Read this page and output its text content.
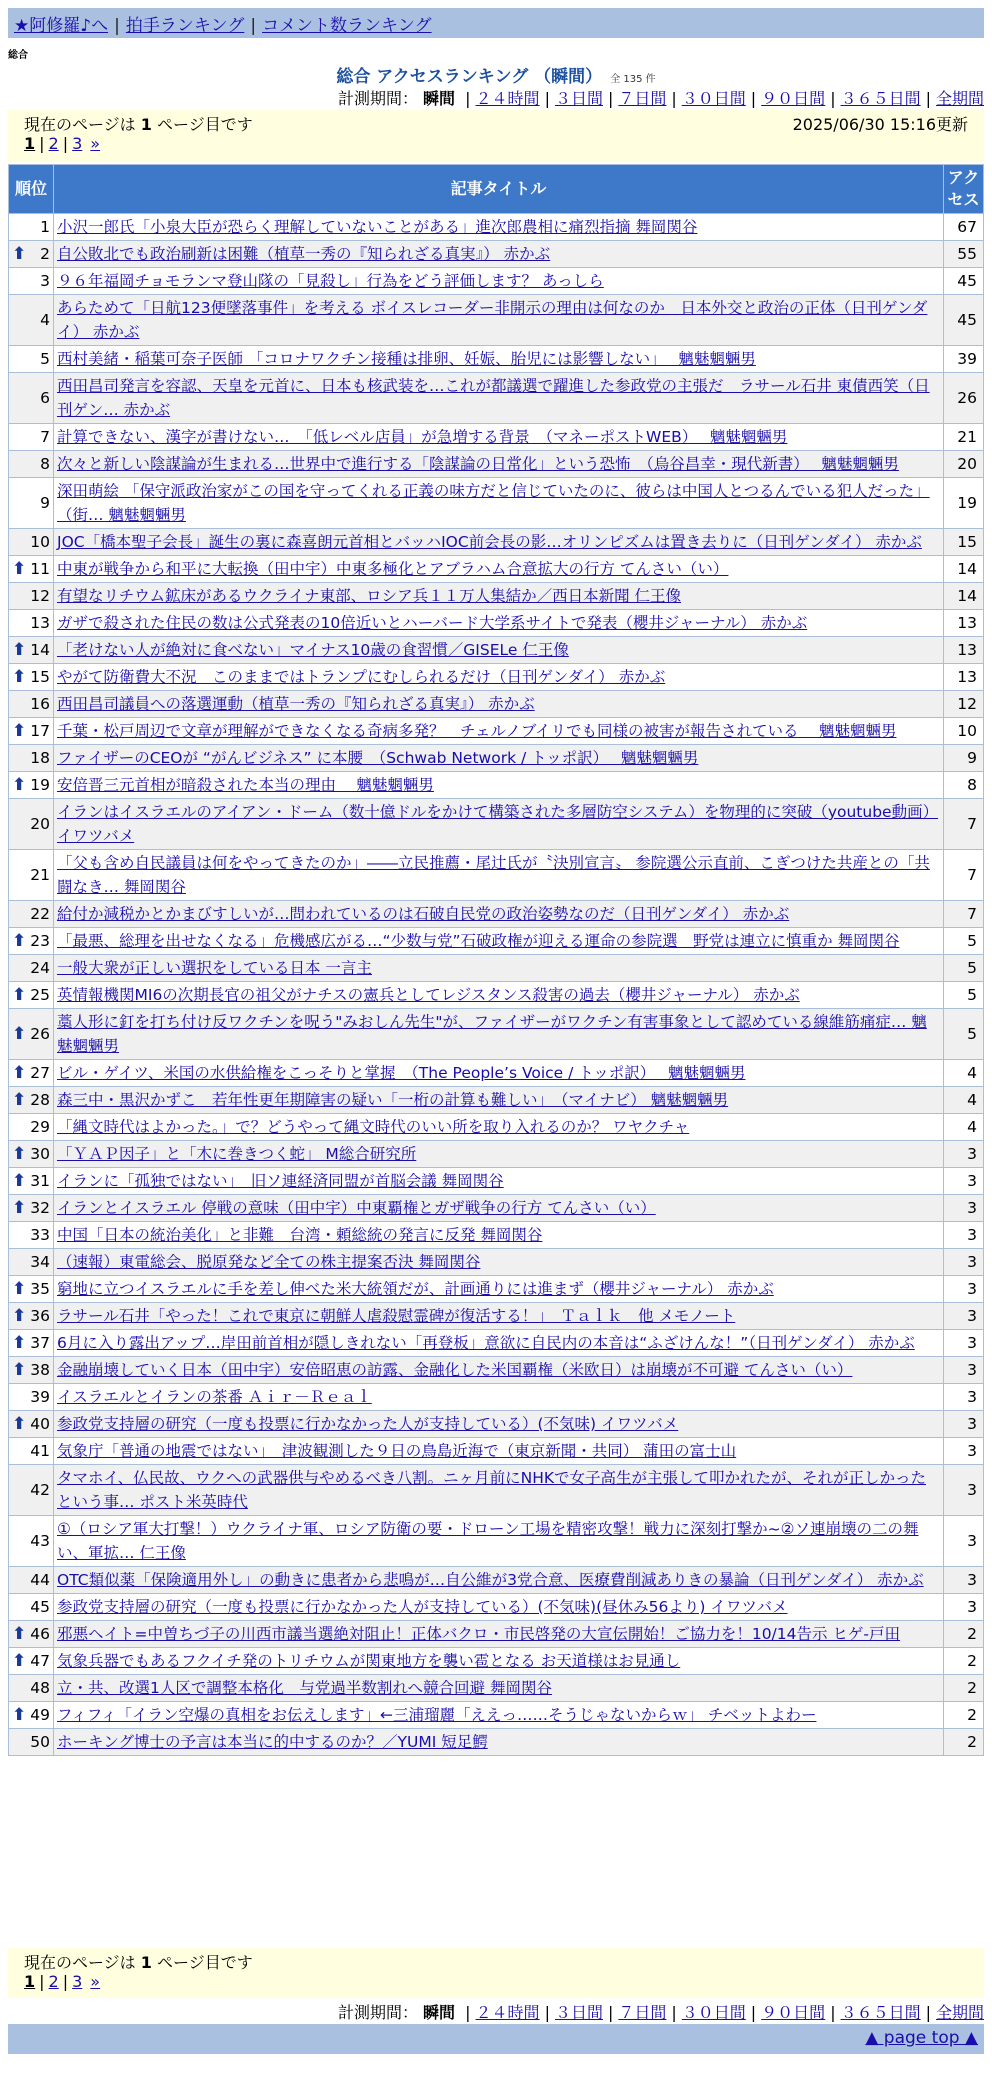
★阿修羅♪へ | 拍手ランキング | コメント数ランキング
総合
総合 アクセスランキング （瞬間） 全 135 件
計測期間： 瞬間 | ２４時間 | ３日間 | ７日間 | ３０日間 | ９０日間 | ３６５日間 | 全期間
現在のページは 1 ページ目です	2025/06/30 15:16更新
1 | 2 | 3 »
順位	記事タイトル	アクセス
1	小沢一郎氏「小泉大臣が恐らく理解していないことがある」進次郎農相に痛烈指摘 舞岡関谷	67

⬆ 2	自公敗北でも政治刷新は困難（植草一秀の『知られざる真実』） 赤かぶ	55
3	９６年福岡チョモランマ登山隊の「見殺し」行為をどう評価します？ あっしら	45
4	あらためて「日航123便墜落事件」を考える ボイスレコーダー非開示の理由は何なのか　日本外交と政治の正体（日刊ゲンダイ） 赤かぶ	45
5	西村美緒・稲葉可奈子医師 「コロナワクチン接種は排卵、妊娠、胎児には影響しない」　 魑魅魍魎男	39
6	西田昌司発言を容認、天皇を元首に、日本も核武装を…これが都議選で躍進した参政党の主張だ　ラサール石井 東債西笑（日刊ゲン… 赤かぶ	26
7	計算できない、漢字が書けない…　「低レベル店員」が急増する背景　（マネーポストWEB）　 魑魅魍魎男	21
8	次々と新しい陰謀論が生まれる…世界中で進行する「陰謀論の日常化」という恐怖　（烏谷昌幸・現代新書）　 魑魅魍魎男	20
9	深田萌絵 「保守派政治家がこの国を守ってくれる正義の味方だと信じていたのに、彼らは中国人とつるんでいる犯人だった」（街… 魑魅魍魎男	19
10	JOC「橋本聖子会長」誕生の裏に森喜朗元首相とバッハIOC前会長の影…オリンピズムは置き去りに（日刊ゲンダイ） 赤かぶ	15

⬆ 11	中東が戦争から和平に大転換（田中宇）中東多極化とアブラハム合意拡大の行方 てんさい（い）	14
12	有望なリチウム鉱床があるウクライナ東部、ロシア兵１１万人集結か／西日本新聞 仁王像	14
13	ガザで殺された住民の数は公式発表の10倍近いとハーバード大学系サイトで発表（櫻井ジャーナル） 赤かぶ	13

⬆ 14	「老けない人が絶対に食べない」マイナス10歳の食習慣／GISELe 仁王像	13

⬆ 15	やがて防衛費大不況　このままではトランプにむしられるだけ（日刊ゲンダイ） 赤かぶ	13
16	西田昌司議員への落選運動（植草一秀の『知られざる真実』） 赤かぶ	12

⬆ 17	千葉・松戸周辺で文章が理解ができなくなる奇病多発？　チェルノブイリでも同様の被害が報告されている　 魑魅魍魎男	10
18	ファイザーのCEOが “がんビジネス” に本腰　（Schwab Network / トッポ訳）　 魑魅魍魎男	9

⬆ 19	安倍晋三元首相が暗殺された本当の理由　 魑魅魍魎男	8
20	イランはイスラエルのアイアン・ドーム（数十億ドルをかけて構築された多層防空システム）を物理的に突破（youtube動画） イワツバメ	7
21	「父も含め自民議員は何をやってきたのか」――立民推薦・尾辻氏が〝決別宣言〟 参院選公示直前、こぎつけた共産との「共闘なき… 舞岡関谷	7
22	給付か減税かとかまびすしいが…問われているのは石破自民党の政治姿勢なのだ（日刊ゲンダイ） 赤かぶ	7

⬆ 23	「最悪、総理を出せなくなる」危機感広がる…“少数与党”石破政権が迎える運命の参院選　野党は連立に慎重か 舞岡関谷	5
24	一般大衆が正しい選択をしている日本 一言主	5

⬆ 25	英情報機関MI6の次期長官の祖父がナチスの憲兵としてレジスタンス殺害の過去（櫻井ジャーナル） 赤かぶ	5

⬆ 26	藁人形に釘を打ち付け反ワクチンを呪う"みおしん先生"が、ファイザーがワクチン有害事象として認めている線維筋痛症… 魑魅魍魎男	5

⬆ 27	ビル・ゲイツ、米国の水供給権をこっそりと掌握　（The People’s Voice / トッポ訳）　 魑魅魍魎男	4

⬆ 28	森三中・黒沢かずこ　若年性更年期障害の疑い「一桁の計算も難しい」　（マイナビ） 魑魅魍魎男	4
29	「縄文時代はよかった。」で？どうやって縄文時代のいい所を取り入れるのか？ ワヤクチャ	4

⬆ 30	「ＹＡＰ因子」と「木に巻きつく蛇」 M総合研究所	3

⬆ 31	イランに「孤独ではない」　旧ソ連経済同盟が首脳会議 舞岡関谷	3

⬆ 32	イランとイスラエル 停戦の意味（田中宇）中東覇権とガザ戦争の行方 てんさい（い）	3
33	中国「日本の統治美化」と非難　台湾・頼総統の発言に反発 舞岡関谷	3
34	（速報）東電総会、脱原発など全ての株主提案否決 舞岡関谷	3

⬆ 35	窮地に立つイスラエルに手を差し伸べた米大統領だが、計画通りには進まず（櫻井ジャーナル） 赤かぶ	3

⬆ 36	ラサール石井「やった！これで東京に朝鮮人虐殺慰霊碑が復活する！」　Ｔａｌｋ　他 メモノート	3

⬆ 37	6月に入り露出アップ…岸田前首相が隠しきれない「再登板」意欲に自民内の本音は“ふざけんな！”（日刊ゲンダイ） 赤かぶ	3

⬆ 38	金融崩壊していく日本（田中宇）安倍昭恵の訪露、金融化した米国覇権（米欧日）は崩壊が不可避 てんさい（い）	3
39	イスラエルとイランの茶番 Ａｉｒ－Ｒｅａｌ	3

⬆ 40	参政党支持層の研究（一度も投票に行かなかった人が支持している）(不気味) イワツバメ	3
41	気象庁「普通の地震ではない」　津波観測した９日の鳥島近海で（東京新聞・共同） 蒲田の富士山	3
42	タマホイ、仏民故、ウクへの武器供与やめるべき八割。ニヶ月前にNHKで女子高生が主張して叩かれたが、それが正しかったという事… ポスト米英時代	3
43	①（ロシア軍大打撃！）ウクライナ軍、ロシア防衛の要・ドローン工場を精密攻撃！戦力に深刻打撃か~②ソ連崩壊の二の舞い、軍拡… 仁王像	3
44	OTC類似薬「保険適用外し」の動きに患者から悲鳴が…自公維が3党合意、医療費削減ありきの暴論（日刊ゲンダイ） 赤かぶ	3
45	参政党支持層の研究（一度も投票に行かなかった人が支持している）(不気味)(昼休み56より) イワツバメ	3

⬆ 46	邪悪ヘイト=中曽ちづ子の川西市議当選絶対阻止！正体バクロ・市民啓発の大宣伝開始！ご協力を！10/14告示 ヒゲ-戸田	2

⬆ 47	気象兵器でもあるフクイチ発のトリチウムが関東地方を襲い雹となる お天道様はお見通し	2
48	立・共、改選1人区で調整本格化　与党過半数割れへ競合回避 舞岡関谷	2

⬆ 49	フィフィ「イラン空爆の真相をお伝えします」←三浦瑠麗「ええっ……そうじゃないからｗ」 チベットよわー	2
50	ホーキング博士の予言は本当に的中するのか？／YUMI 短足鰐	2
現在のページは 1 ページ目です
1 | 2 | 3 »
計測期間： 瞬間 | ２４時間 | ３日間 | ７日間 | ３０日間 | ９０日間 | ３６５日間 | 全期間
▲ page top ▲
